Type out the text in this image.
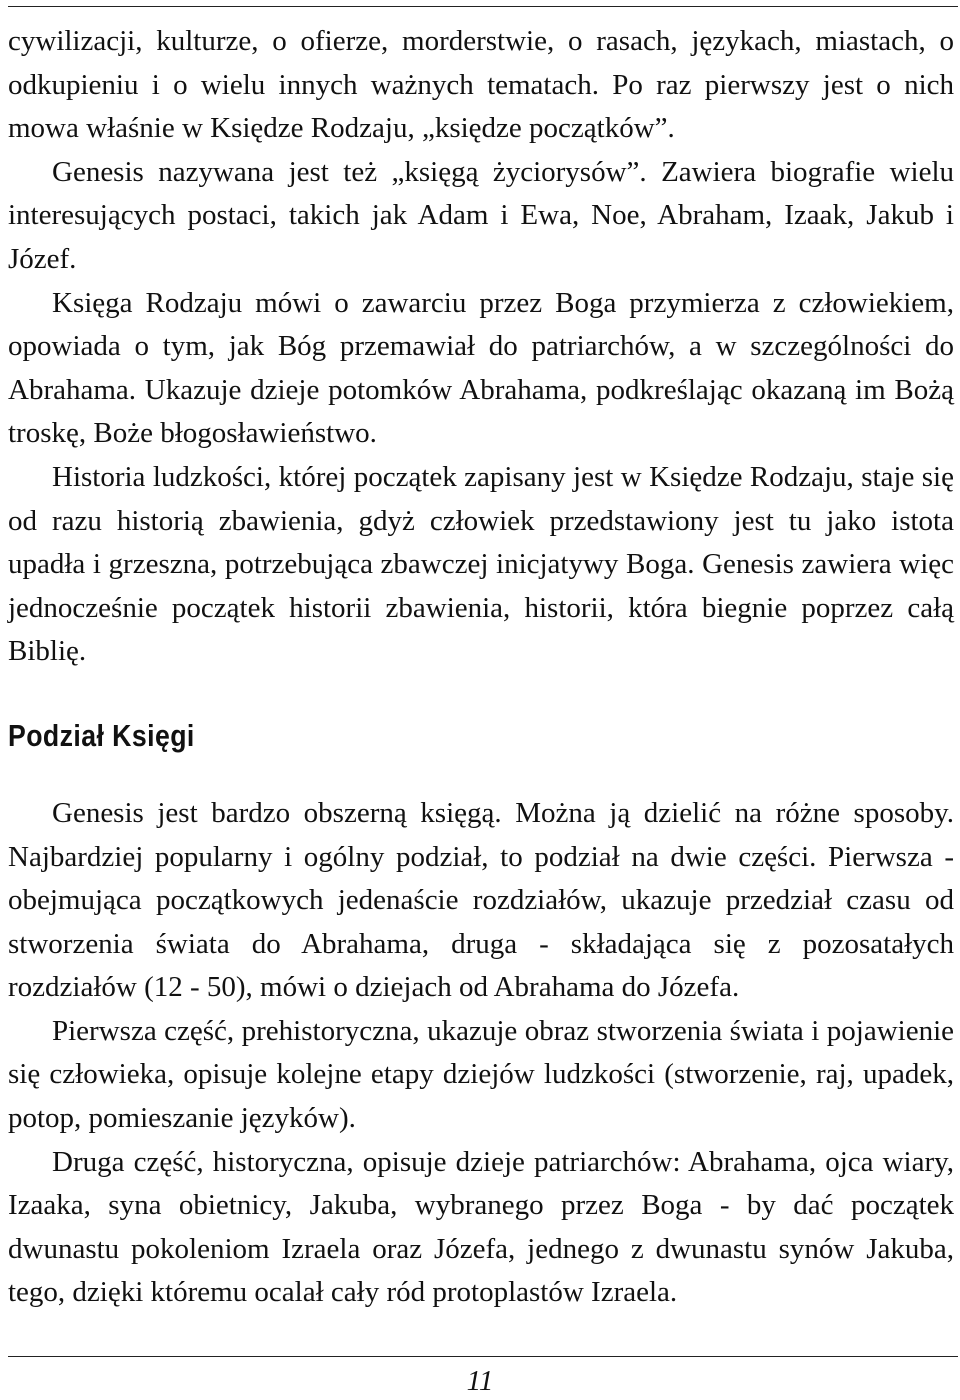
cywilizacji, kulturze, o ofierze, morderstwie, o rasach, językach, miastach, o odkupieniu i o wielu innych ważnych tematach. Po raz pierwszy jest o nich mowa właśnie w Księdze Rodzaju, „księdze początków”.

Genesis nazywana jest też „księgą życiorysów”. Zawiera biografie wielu interesujących postaci, takich jak Adam i Ewa, Noe, Abraham, Izaak, Jakub i Józef.

Księga Rodzaju mówi o zawarciu przez Boga przymierza z człowiekiem, opowiada o tym, jak Bóg przemawiał do patriarchów, a w szczególności do Abrahama. Ukazuje dzieje potomków Abrahama, podkreślając okazaną im Bożą troskę, Boże błogosławieństwo.

Historia ludzkości, której początek zapisany jest w Księdze Rodzaju, staje się od razu historią zbawienia, gdyż człowiek przedstawiony jest tu jako istota upadła i grzeszna, potrzebująca zbawczej inicjatywy Boga. Genesis zawiera więc jednocześnie początek historii zbawienia, historii, która biegnie poprzez całą Biblię.

Podział Księgi

Genesis jest bardzo obszerną księgą. Można ją dzielić na różne sposoby. Najbardziej popularny i ogólny podział, to podział na dwie części. Pierwsza - obejmująca początkowych jedenaście rozdziałów, ukazuje przedział czasu od stworzenia świata do Abrahama, druga - składająca się z pozosatałych rozdziałów (12 - 50), mówi o dziejach od Abrahama do Józefa.

Pierwsza część, prehistoryczna, ukazuje obraz stworzenia świata i pojawienie się człowieka, opisuje kolejne etapy dziejów ludzkości (stworzenie, raj, upadek, potop, pomieszanie języków).

Druga część, historyczna, opisuje dzieje patriarchów: Abrahama, ojca wiary, Izaaka, syna obietnicy, Jakuba, wybranego przez Boga - by dać początek dwunastu pokoleniom Izraela oraz Józefa, jednego z dwunastu synów Jakuba, tego, dzięki któremu ocalał cały ród protoplastów Izraela.

11
